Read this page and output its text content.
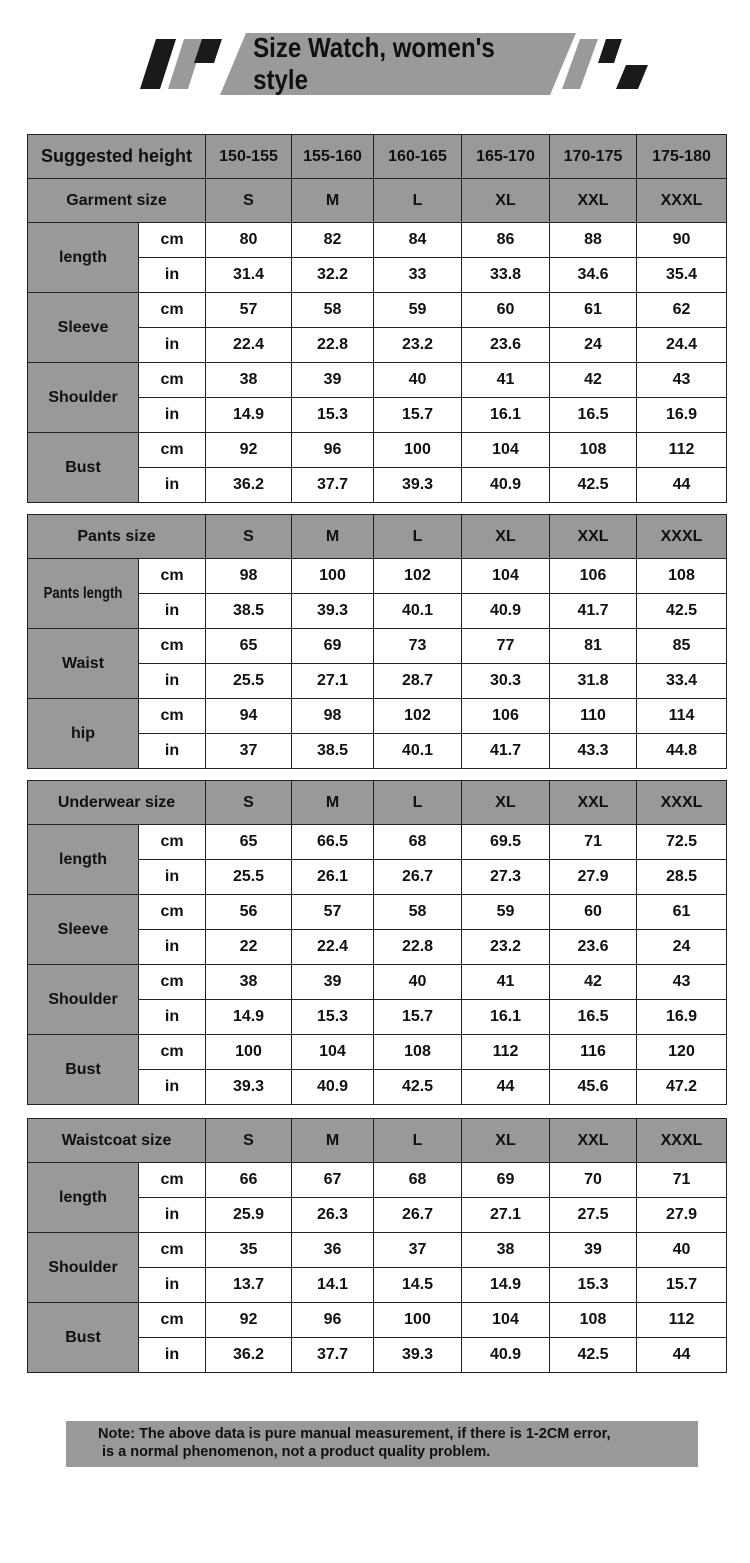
Size Watch, women's style
Suggested height		150-155	155-160	160-165	165-170	170-175	175-180
Garment size		S	M	L	XL	XXL	XXXL
length	cm	80	82	84	86	88	90
	in	31.4	32.2	33	33.8	34.6	35.4
Sleeve	cm	57	58	59	60	61	62
	in	22.4	22.8	23.2	23.6	24	24.4
Shoulder	cm	38	39	40	41	42	43
	in	14.9	15.3	15.7	16.1	16.5	16.9
Bust	cm	92	96	100	104	108	112
	in	36.2	37.7	39.3	40.9	42.5	44
Pants size		S	M	L	XL	XXL	XXXL
Pants length	cm	98	100	102	104	106	108
	in	38.5	39.3	40.1	40.9	41.7	42.5
Waist	cm	65	69	73	77	81	85
	in	25.5	27.1	28.7	30.3	31.8	33.4
hip	cm	94	98	102	106	110	114
	in	37	38.5	40.1	41.7	43.3	44.8
Underwear size		S	M	L	XL	XXL	XXXL
length	cm	65	66.5	68	69.5	71	72.5
	in	25.5	26.1	26.7	27.3	27.9	28.5
Sleeve	cm	56	57	58	59	60	61
	in	22	22.4	22.8	23.2	23.6	24
Shoulder	cm	38	39	40	41	42	43
	in	14.9	15.3	15.7	16.1	16.5	16.9
Bust	cm	100	104	108	112	116	120
	in	39.3	40.9	42.5	44	45.6	47.2
Waistcoat size		S	M	L	XL	XXL	XXXL
length	cm	66	67	68	69	70	71
	in	25.9	26.3	26.7	27.1	27.5	27.9
Shoulder	cm	35	36	37	38	39	40
	in	13.7	14.1	14.5	14.9	15.3	15.7
Bust	cm	92	96	100	104	108	112
	in	36.2	37.7	39.3	40.9	42.5	44
Note: The above data is pure manual measurement, if there is 1-2CM error,
is a normal phenomenon, not a product quality problem.
